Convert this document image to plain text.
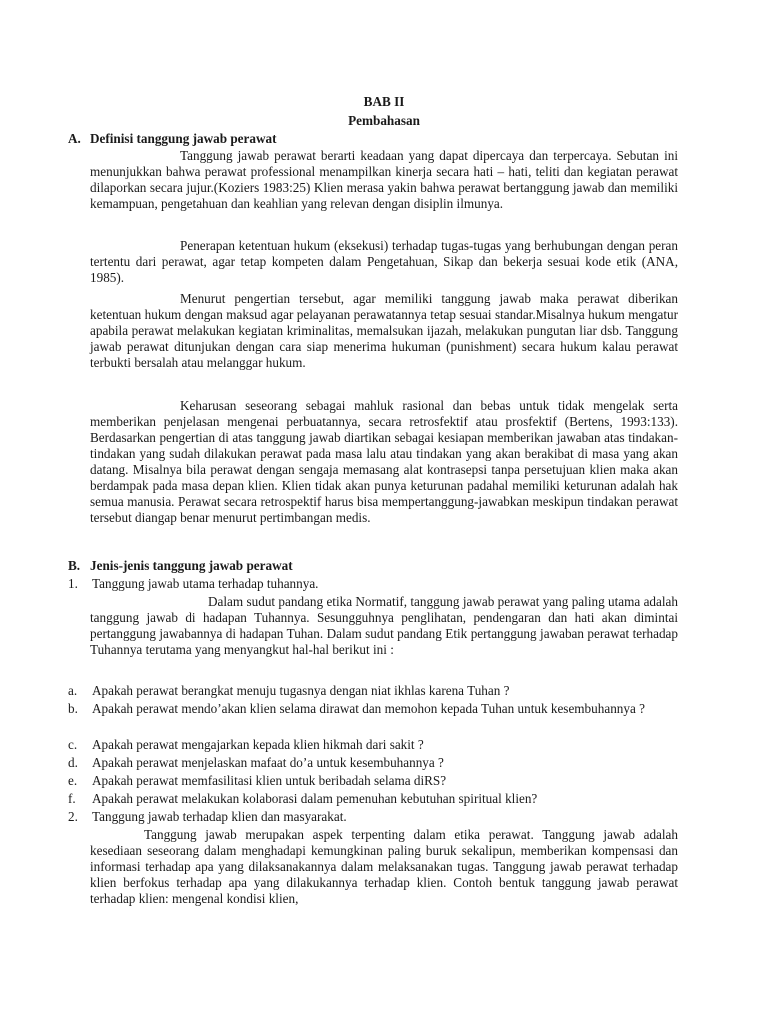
BAB II
Pembahasan
A. Definisi tanggung jawab perawat

Tanggung jawab perawat berarti keadaan yang dapat dipercaya dan terpercaya. Sebutan ini menunjukkan bahwa perawat professional menampilkan kinerja secara hati – hati, teliti dan kegiatan perawat dilaporkan secara jujur.(Koziers 1983:25) Klien merasa yakin bahwa perawat bertanggung jawab dan memiliki kemampuan, pengetahuan dan keahlian yang relevan dengan disiplin ilmunya.

Penerapan ketentuan hukum (eksekusi) terhadap tugas-tugas yang berhubungan dengan peran tertentu dari perawat, agar tetap kompeten dalam Pengetahuan, Sikap dan bekerja sesuai kode etik (ANA, 1985).

Menurut pengertian tersebut, agar memiliki tanggung jawab maka perawat diberikan ketentuan hukum dengan maksud agar pelayanan perawatannya tetap sesuai standar.Misalnya hukum mengatur apabila perawat melakukan kegiatan kriminalitas, memalsukan ijazah, melakukan pungutan liar dsb. Tanggung jawab perawat ditunjukan dengan cara siap menerima hukuman (punishment) secara hukum kalau perawat terbukti bersalah atau melanggar hukum.

Keharusan seseorang sebagai mahluk rasional dan bebas untuk tidak mengelak serta memberikan penjelasan mengenai perbuatannya, secara retrosfektif atau prosfektif (Bertens, 1993:133). Berdasarkan pengertian di atas tanggung jawab diartikan sebagai kesiapan memberikan jawaban atas tindakan-tindakan yang sudah dilakukan perawat pada masa lalu atau tindakan yang akan berakibat di masa yang akan datang. Misalnya bila perawat dengan sengaja memasang alat kontrasepsi tanpa persetujuan klien maka akan berdampak pada masa depan klien. Klien tidak akan punya keturunan padahal memiliki keturunan adalah hak semua manusia. Perawat secara retrospektif harus bisa mempertanggung-jawabkan meskipun tindakan perawat tersebut diangap benar menurut pertimbangan medis.

B. Jenis-jenis tanggung jawab perawat
1. Tanggung jawab utama terhadap tuhannya.

Dalam sudut pandang etika Normatif, tanggung jawab perawat yang paling utama adalah tanggung jawab di hadapan Tuhannya. Sesungguhnya penglihatan, pendengaran dan hati akan dimintai pertanggung jawabannya di hadapan Tuhan. Dalam sudut pandang Etik pertanggung jawaban perawat terhadap Tuhannya terutama yang menyangkut hal-hal berikut ini :

a. Apakah perawat berangkat menuju tugasnya dengan niat ikhlas karena Tuhan ?
b. Apakah perawat mendo’akan klien selama dirawat dan memohon kepada Tuhan untuk kesembuhannya ?
c. Apakah perawat mengajarkan kepada klien hikmah dari sakit ?
d. Apakah perawat menjelaskan mafaat do’a untuk kesembuhannya ?
e. Apakah perawat memfasilitasi klien untuk beribadah selama diRS?
f. Apakah perawat melakukan kolaborasi dalam pemenuhan kebutuhan spiritual klien?
2. Tanggung jawab terhadap klien dan masyarakat.

Tanggung jawab merupakan aspek terpenting dalam etika perawat. Tanggung jawab adalah kesediaan seseorang dalam menghadapi kemungkinan paling buruk sekalipun, memberikan kompensasi dan informasi terhadap apa yang dilaksanakannya dalam melaksanakan tugas. Tanggung jawab perawat terhadap klien berfokus terhadap apa yang dilakukannya terhadap klien. Contoh bentuk tanggung jawab perawat terhadap klien: mengenal kondisi klien,
